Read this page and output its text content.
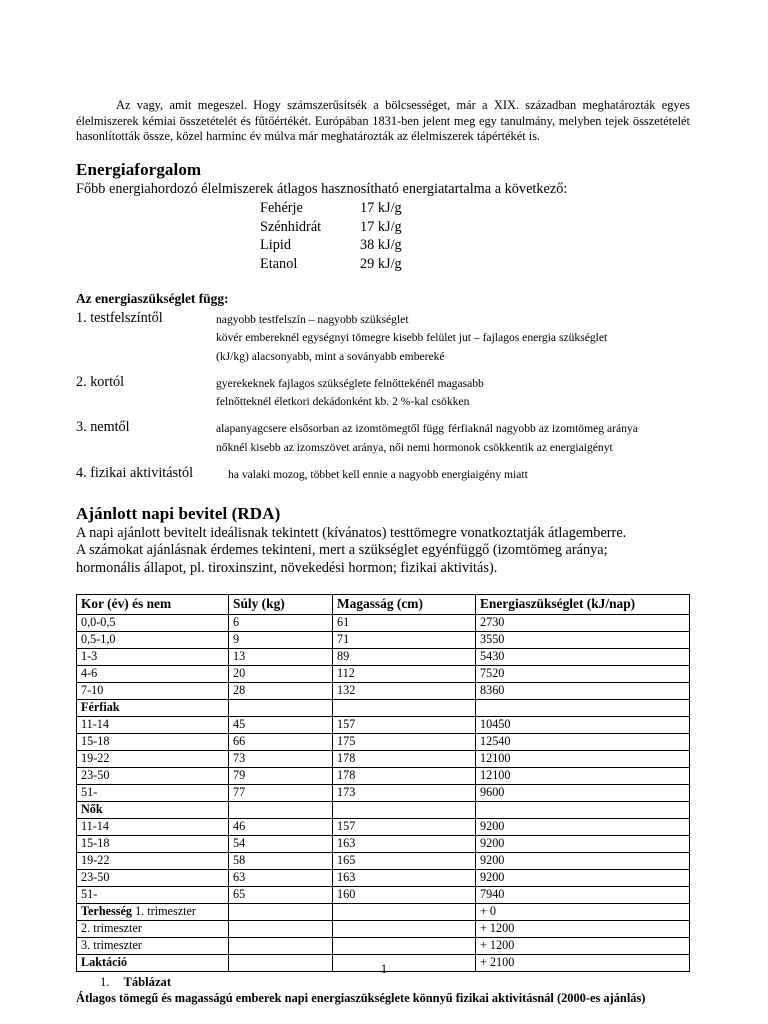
Az vagy, amit megeszel. Hogy számszerűsítsék a bölcsességet, már a XIX. században meghatározták egyes élelmiszerek kémiai összetételét és fűtőértékét. Európában 1831-ben jelent meg egy tanulmány, melyben tejek összetételét hasonlították össze, közel harminc év múlva már meghatározták az élelmiszerek tápértékét is.

Energiaforgalom

Főbb energiahordozó élelmiszerek átlagos hasznosítható energiatartalma a következő:

Fehérje	17 kJ/g
Szénhidrát	17 kJ/g
Lipid	38 kJ/g
Etanol	29 kJ/g
Az energiaszükséglet függ:
1. testfelszíntől	nagyobb testfelszín – nagyobb szükséglet kövér embereknél egységnyi tömegre kisebb felület jut – fajlagos energia szükséglet (kJ/kg) alacsonyabb, mint a soványabb embereké
2. kortól	gyerekeknek fajlagos szükséglete felnőttekénél magasabb felnőtteknél életkori dekádonként kb. 2 %-kal csökken
3. nemtől	alapanyagcsere elsősorban az izomtömegtől függ férfiaknál nagyobb az izomtömeg aránya nőknél kisebb az izomszövet aránya, női nemi hormonok csökkentik az energiaigényt
4. fizikai aktivitástól	ha valaki mozog, többet kell ennie a nagyobb energiaigény miatt
Ajánlott napi bevitel (RDA)

A napi ajánlott bevitelt ideálisnak tekintett (kívánatos) testtömegre vonatkoztatják átlagemberre.

A számokat ajánlásnak érdemes tekinteni, mert a szükséglet egyénfüggő (izomtömeg aránya;

hormonális állapot, pl. tiroxinszint, növekedési hormon; fizikai aktivitás).

Kor (év) és nem	Súly (kg)	Magasság (cm)	Energiaszükséglet (kJ/nap)
0,0-0,5	6	61	2730
0,5-1,0	9	71	3550
1-3	13	89	5430
4-6	20	112	7520
7-10	28	132	8360
Férfiak			
11-14	45	157	10450
15-18	66	175	12540
19-22	73	178	12100
23-50	79	178	12100
51-	77	173	9600
Nők			
11-14	46	157	9200
15-18	54	163	9200
19-22	58	165	9200
23-50	63	163	9200
51-	65	160	7940
Terhesség 1. trimeszter			+ 0
2. trimeszter			+ 1200
3. trimeszter			+ 1200
Laktáció			+ 2100

1. Táblázat

Átlagos tömegű és magasságú emberek napi energiaszükséglete könnyű fizikai aktivitásnál (2000-es ajánlás)

1
